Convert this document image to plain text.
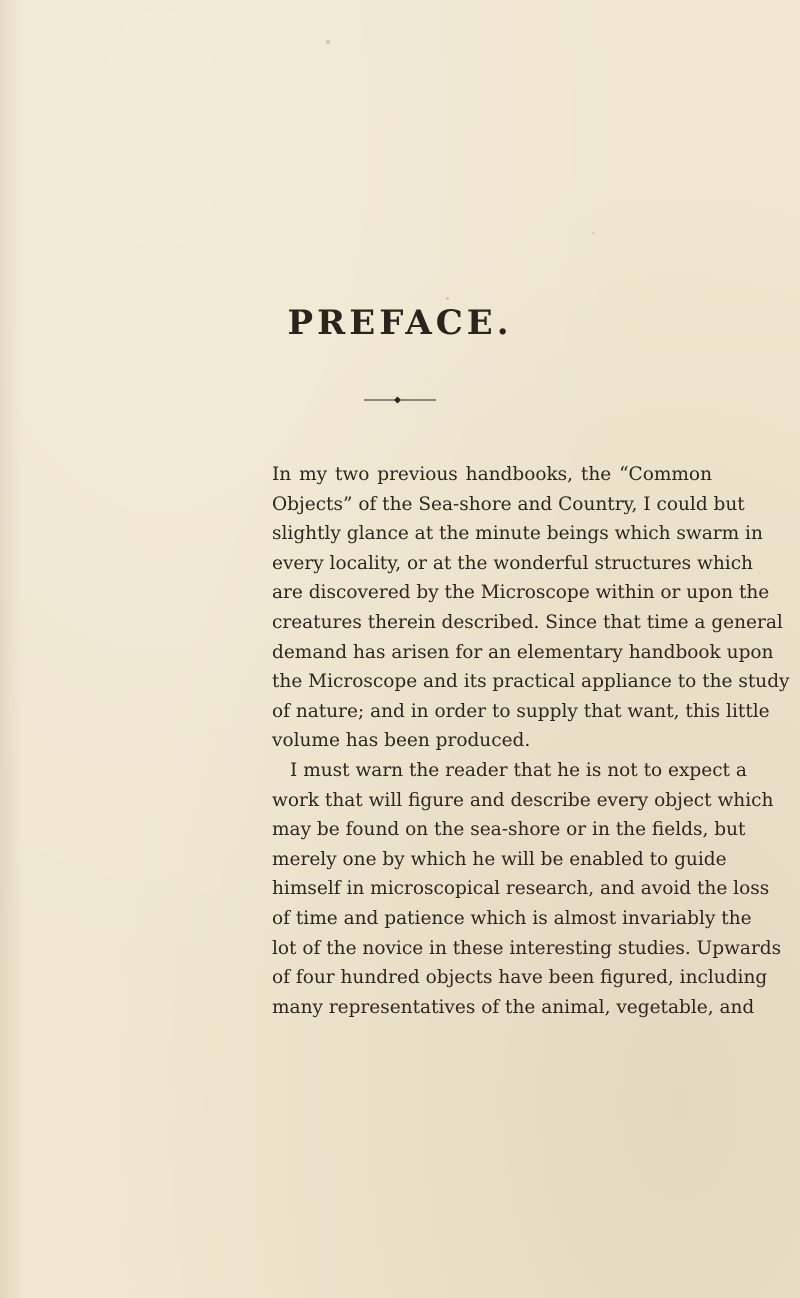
PREFACE.
In my two previous handbooks, the “Common
Objects” of the Sea-shore and Country, I could but
slightly glance at the minute beings which swarm in
every locality, or at the wonderful structures which
are discovered by the Microscope within or upon the
creatures therein described. Since that time a general
demand has arisen for an elementary handbook upon
the Microscope and its practical appliance to the study
of nature; and in order to supply that want, this little
volume has been produced.
I must warn the reader that he is not to expect a
work that will figure and describe every object which
may be found on the sea-shore or in the fields, but
merely one by which he will be enabled to guide
himself in microscopical research, and avoid the loss
of time and patience which is almost invariably the
lot of the novice in these interesting studies. Upwards
of four hundred objects have been figured, including
many representatives of the animal, vegetable, and
